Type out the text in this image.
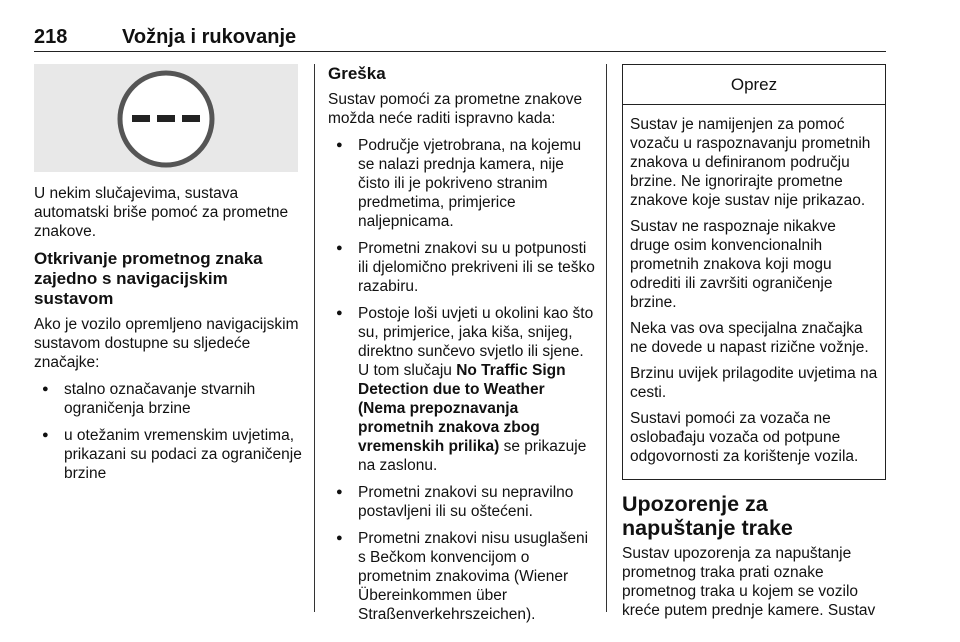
218	Vožnja i rukovanje

U nekim slučajevima, sustava automatski briše pomoć za prometne znakove.

Otkrivanje prometnog znaka zajedno s navigacijskim sustavom

Ako je vozilo opremljeno navigacijskim sustavom dostupne su sljedeće značajke:

● stalno označavanje stvarnih ograničenja brzine
● u otežanim vremenskim uvjetima, prikazani su podaci za ograničenje brzine
Greška

Sustav pomoći za prometne znakove možda neće raditi ispravno kada:

● Područje vjetrobrana, na kojemu se nalazi prednja kamera, nije čisto ili je pokriveno stranim predmetima, primjerice naljepnicama.
● Prometni znakovi su u potpunosti ili djelomično prekriveni ili se teško razabiru.
● Postoje loši uvjeti u okolini kao što su, primjerice, jaka kiša, snijeg, direktno sunčevo svjetlo ili sjene. U tom slučaju No Traffic Sign Detection due to Weather (Nema prepoznavanja prometnih znakova zbog vremenskih prilika) se prikazuje na zaslonu.
● Prometni znakovi su nepravilno postavljeni ili su oštećeni.
● Prometni znakovi nisu usuglašeni s Bečkom konvencijom o prometnim znakovima (Wiener Übereinkommen über Straßenverkehrszeichen).
Oprez

Sustav je namijenjen za pomoć vozaču u raspoznavanju prometnih znakova u definiranom području brzine. Ne ignorirajte prometne znakove koje sustav nije prikazao.

Sustav ne raspoznaje nikakve druge osim konvencionalnih prometnih znakova koji mogu odrediti ili završiti ograničenje brzine.

Neka vas ova specijalna značajka ne dovede u napast rizične vožnje.

Brzinu uvijek prilagodite uvjetima na cesti.

Sustavi pomoći za vozača ne oslobađaju vozača od potpune odgovornosti za korištenje vozila.

Upozorenje za napuštanje trake

Sustav upozorenja za napuštanje prometnog traka prati oznake prometnog traka u kojem se vozilo kreće putem prednje kamere. Sustav
